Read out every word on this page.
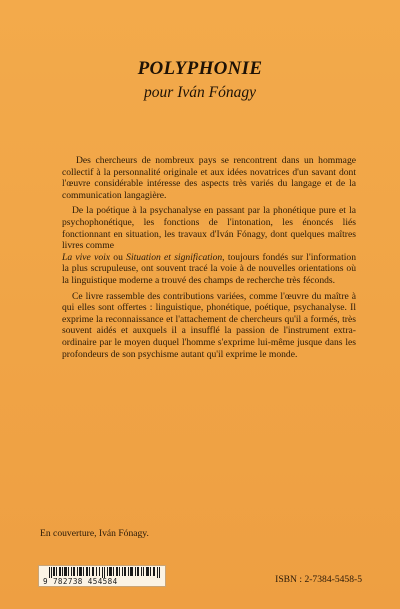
POLYPHONIE
pour Iván Fónagy

Des chercheurs de nombreux pays se rencontrent dans un hommage collectif à la personnalité originale et aux idées novatrices d'un savant dont l'œuvre considérable intéresse des aspects très variés du langage et de la communication langagière.

De la poétique à la psychanalyse en passant par la phonétique pure et la psychophonétique, les fonctions de l'intonation, les énoncés liés fonctionnant en situation, les travaux d'Iván Fónagy, dont quelques maîtres livres comme
La vive voix ou Situation et signification, toujours fondés sur l'information la plus scrupuleuse, ont souvent tracé la voie à de nouvelles orientations où la linguistique moderne a trouvé des champs de recherche très féconds.

Ce livre rassemble des contributions variées, comme l'œuvre du maître à qui elles sont offertes : linguistique, phonétique, poétique, psychanalyse. Il exprime la reconnaissance et l'attachement de chercheurs qu'il a formés, très souvent aidés et auxquels il a insufflé la passion de l'instrument extra-ordinaire par le moyen duquel l'homme s'exprime lui-même jusque dans les profondeurs de son psychisme autant qu'il exprime le monde.

En couverture, Iván Fónagy.
9 782738 454584	ISBN : 2-7384-5458-5
